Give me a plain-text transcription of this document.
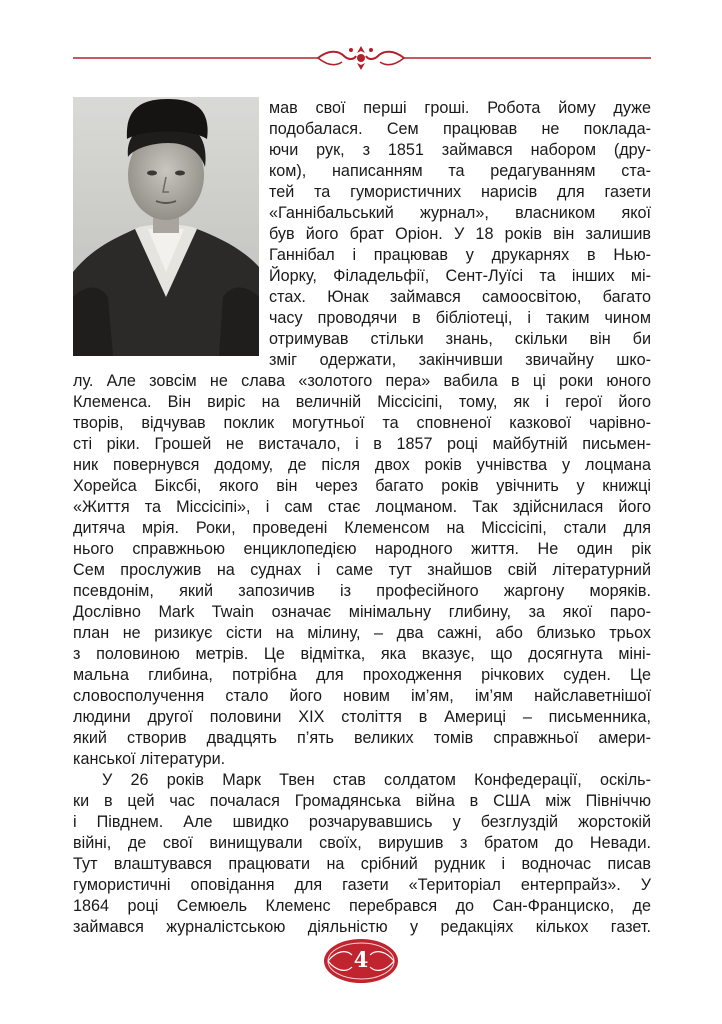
мав свої перші гроші. Робота йому дуже
подобалася. Сем працював не поклада-
ючи рук, з 1851 займався набором (дру-
ком), написанням та редагуванням ста-
тей та гумористичних нарисів для газети
«Ганнібальський журнал», власником якої
був його брат Оріон. У 18 років він залишив
Ганнібал і працював у друкарнях в Нью-
Йорку, Філадельфії, Сент-Луїсі та інших мі-
стах. Юнак займався самоосвітою, багато
часу проводячи в бібліотеці, і таким чином
отримував стільки знань, скільки він би
зміг одержати, закінчивши звичайну шко-
лу. Але зовсім не слава «золотого пера» вабила в ці роки юного
Клеменса. Він виріс на величній Міссісіпі, тому, як і герої його
творів, відчував поклик могутньої та сповненої казкової чарівно-
сті ріки. Грошей не вистачало, і в 1857 році майбутній письмен-
ник повернувся додому, де після двох років учнівства у лоцмана
Хорейса Біксбі, якого він через багато років увічнить у книжці
«Життя та Міссісіпі», і сам стає лоцманом. Так здійснилася його
дитяча мрія. Роки, проведені Клеменсом на Міссісіпі, стали для
нього справжньою енциклопедією народного життя. Не один рік
Сем прослужив на суднах і саме тут знайшов свій літературний
псевдонім, який запозичив із професійного жаргону моряків.
Дослівно Mark Twain означає мінімальну глибину, за якої паро-
план не ризикує сісти на мілину, – два сажні, або близько трьох
з половиною метрів. Це відмітка, яка вказує, що досягнута міні-
мальна глибина, потрібна для проходження річкових суден. Це
словосполучення стало його новим ім’ям, ім’ям найславетнішої
людини другої половини XIX століття в Америці – письменника,
який створив двадцять п’ять великих томів справжньої амери-
канської літератури.
У 26 років Марк Твен став солдатом Конфедерації, оскіль-
ки в цей час почалася Громадянська війна в США між Північчю
і Півднем. Але швидко розчарувавшись у безглуздій жорстокій
війні, де свої винищували своїх, вирушив з братом до Невади.
Тут влаштувався працювати на срібний рудник і водночас писав
гумористичні оповідання для газети «Територіал ентерпрайз». У
1864 році Семюель Клеменс перебрався до Сан-Франциско, де
займався журналістською діяльністю у редакціях кількох газет.
4
